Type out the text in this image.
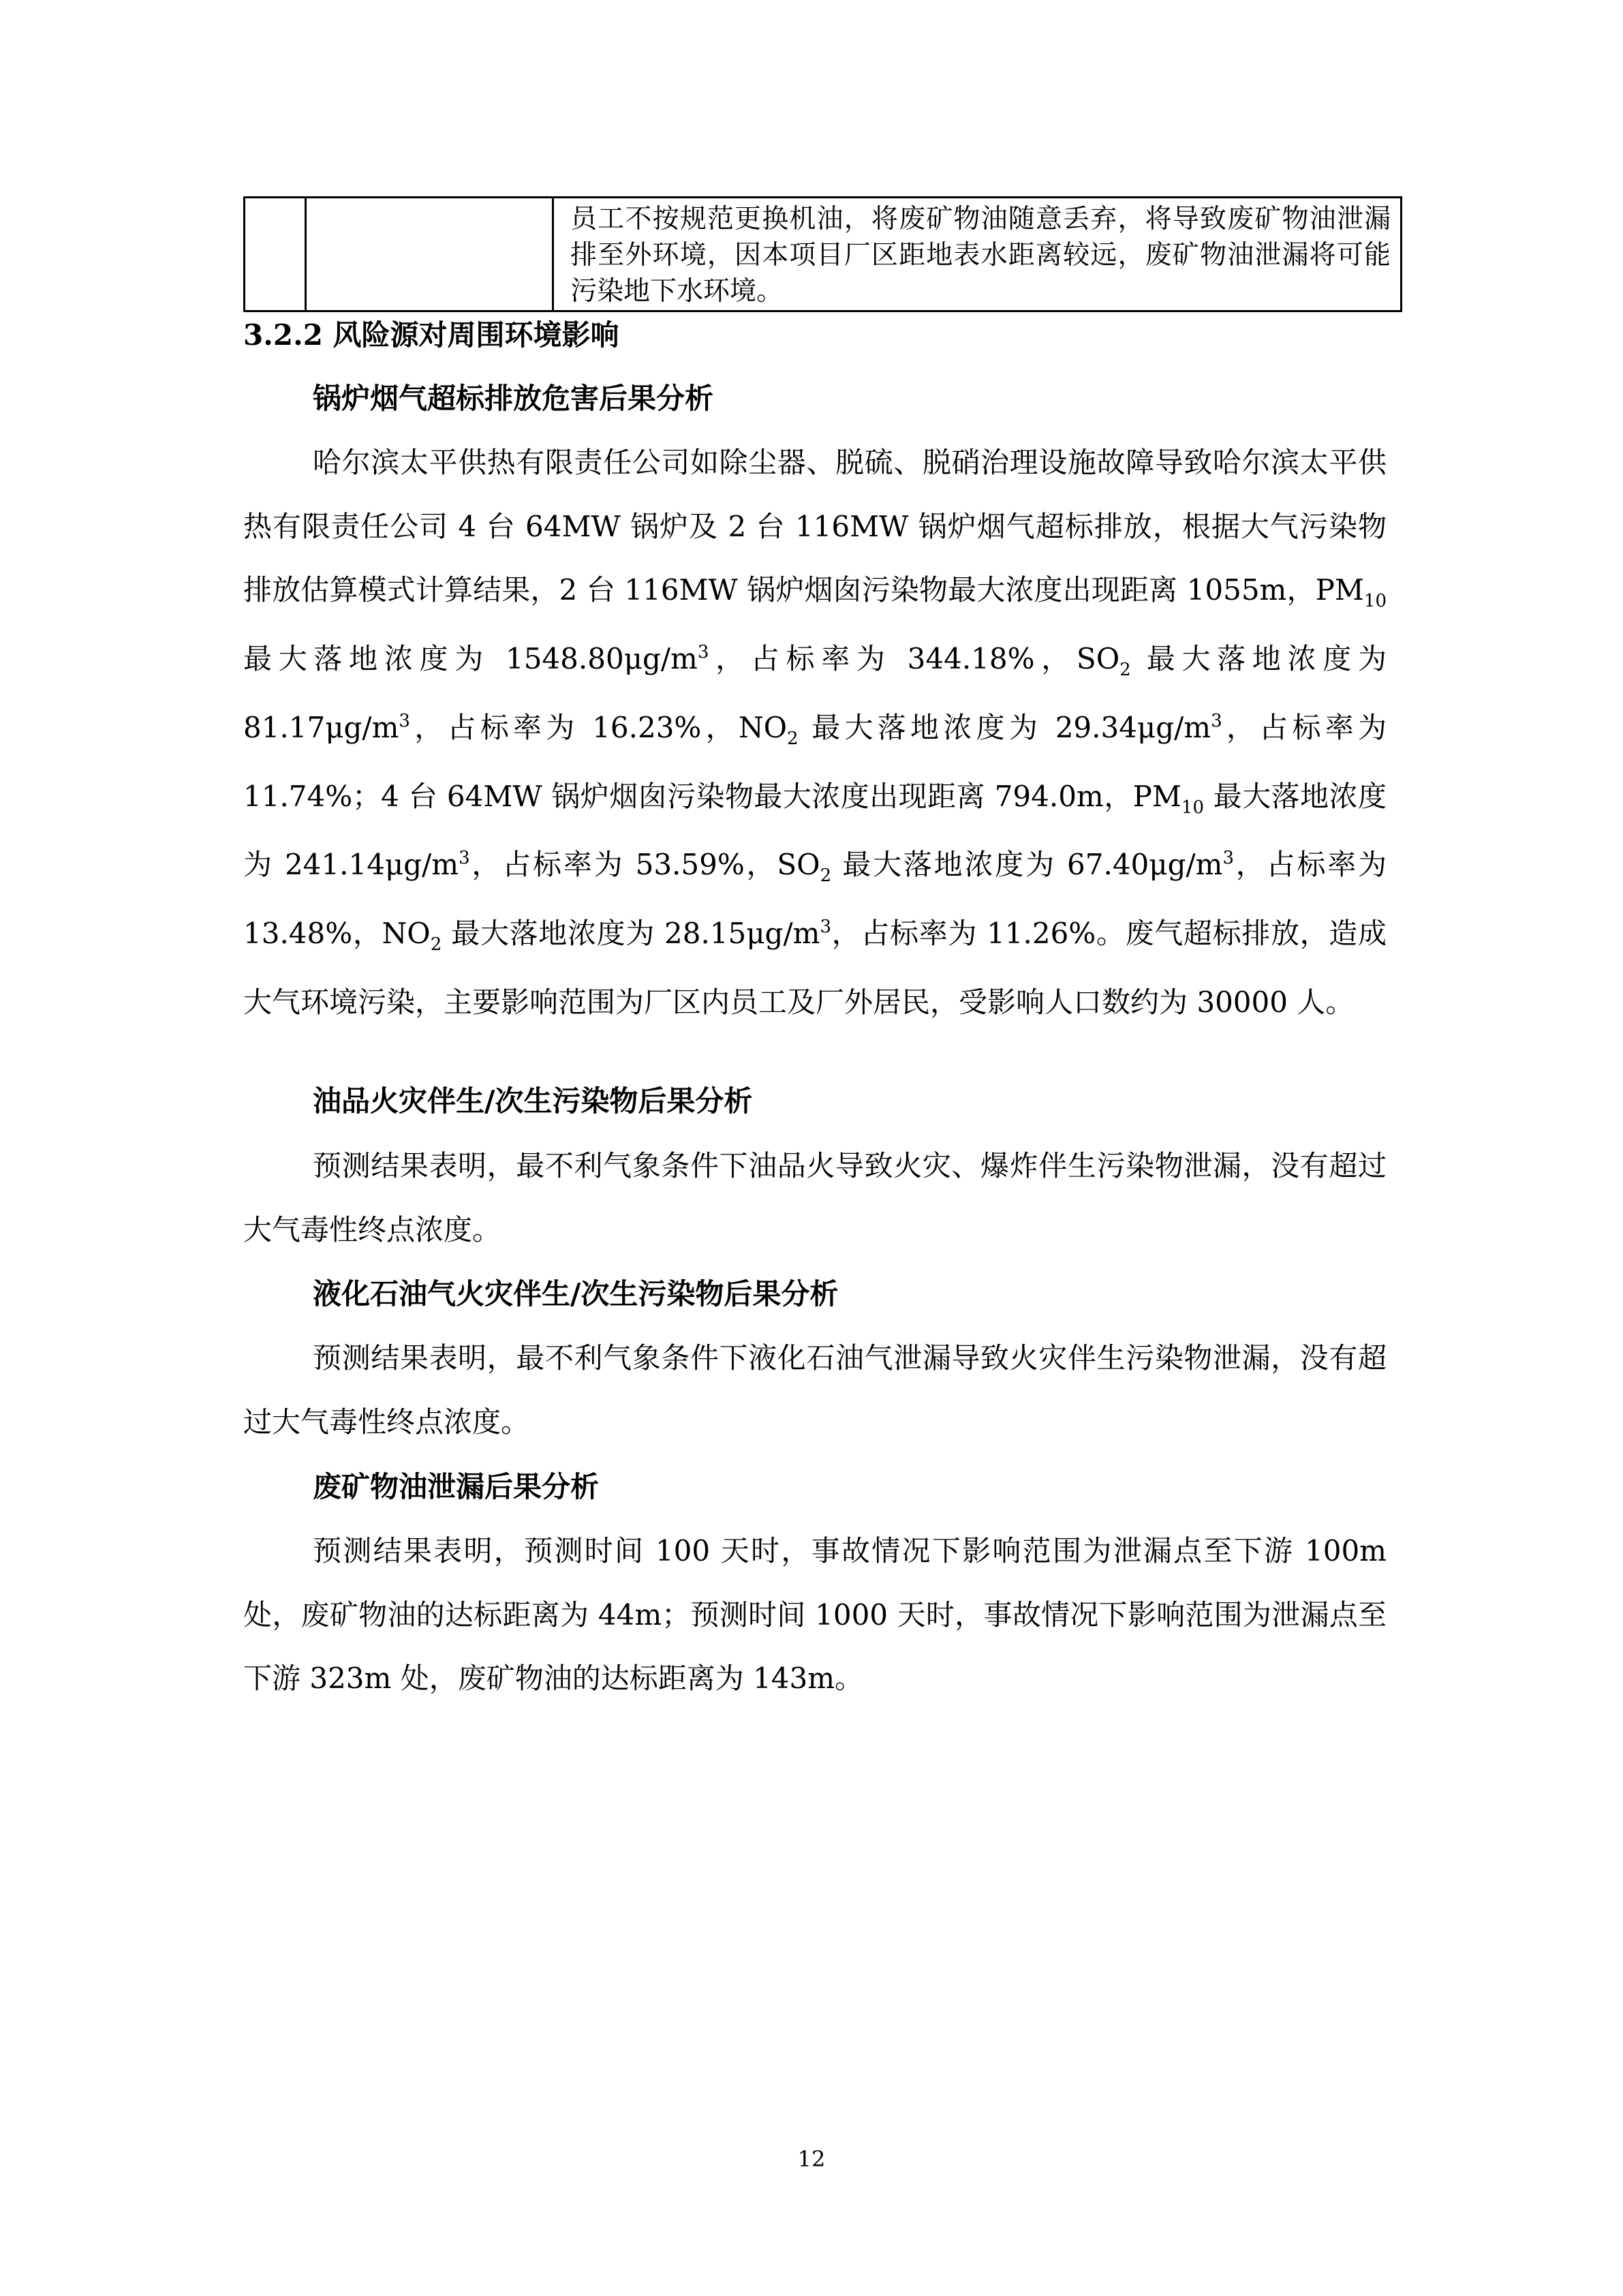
		员工不按规范更换机油，将废矿物油随意丢弃，将导致废矿物油泄漏排至外环境，因本项目厂区距地表水距离较远，废矿物油泄漏将可能污染地下水环境。
3.2.2 风险源对周围环境影响
锅炉烟气超标排放危害后果分析

哈尔滨太平供热有限责任公司如除尘器、脱硫、脱硝治理设施故障导致哈尔滨太平供热有限责任公司 4 台 64MW 锅炉及 2 台 116MW 锅炉烟气超标排放，根据大气污染物排放估算模式计算结果，2 台 116MW 锅炉烟囱污染物最大浓度出现距离 1055m，$PM_{10}$ 最大落地浓度为 $1548.80\mu g/m^3$，占标率为 344.18%，$SO_2$ 最大落地浓度为 $81.17\mu g/m^3$，占标率为 16.23%，$NO_2$ 最大落地浓度为 $29.34\mu g/m^3$，占标率为 11.74%；4 台 64MW 锅炉烟囱污染物最大浓度出现距离 794.0m，$PM_{10}$ 最大落地浓度为 $241.14\mu g/m^3$，占标率为 53.59%，$SO_2$ 最大落地浓度为 $67.40\mu g/m^3$，占标率为 13.48%，$NO_2$ 最大落地浓度为 $28.15\mu g/m^3$，占标率为 11.26%。废气超标排放，造成大气环境污染，主要影响范围为厂区内员工及厂外居民，受影响人口数约为 30000 人。

油品火灾伴生/次生污染物后果分析

预测结果表明，最不利气象条件下油品火导致火灾、爆炸伴生污染物泄漏，没有超过大气毒性终点浓度。

液化石油气火灾伴生/次生污染物后果分析

预测结果表明，最不利气象条件下液化石油气泄漏导致火灾伴生污染物泄漏，没有超过大气毒性终点浓度。

废矿物油泄漏后果分析

预测结果表明，预测时间 100 天时，事故情况下影响范围为泄漏点至下游 100m 处，废矿物油的达标距离为 44m；预测时间 1000 天时，事故情况下影响范围为泄漏点至下游 323m 处，废矿物油的达标距离为 143m。

12
